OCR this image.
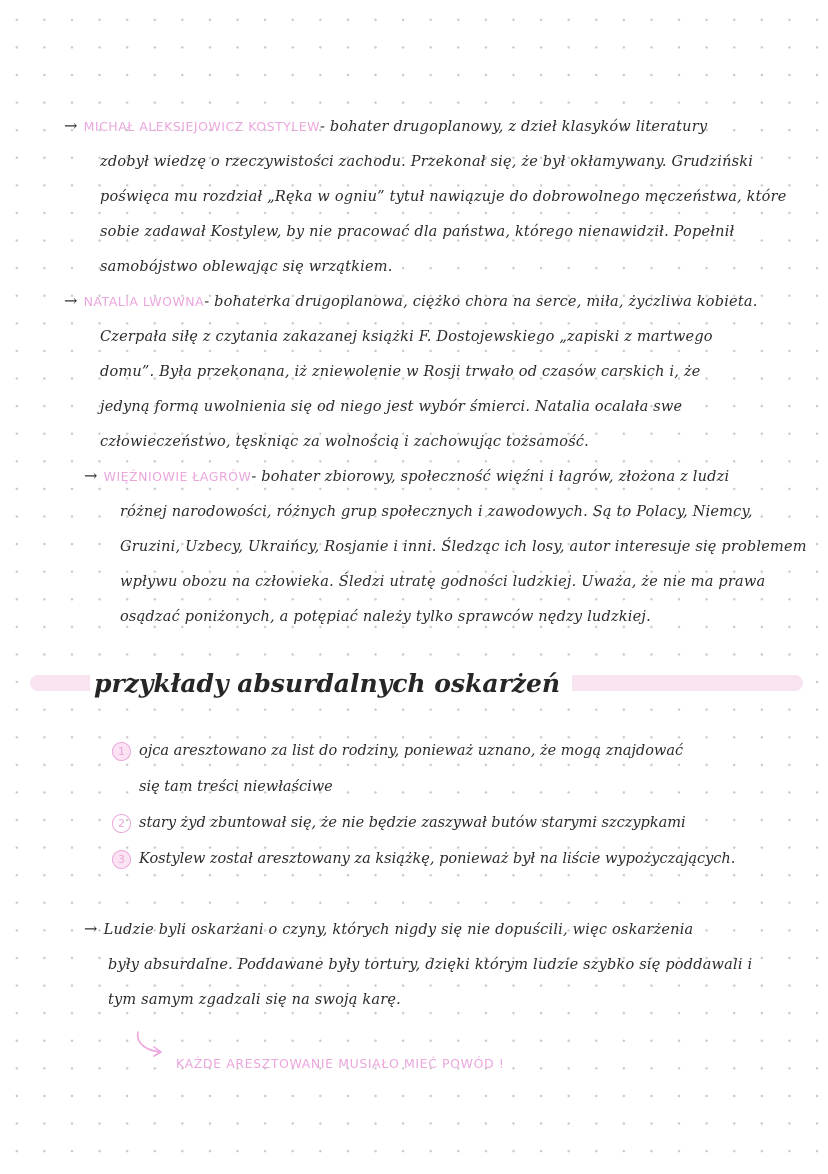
→ MICHAŁ ALEKSIEJOWICZ KOSTYLEW- bohater drugoplanowy, z dzieł klasyków literatury
zdobył wiedzę o rzeczywistości zachodu. Przekonał się, że był okłamywany. Grudziński
poświęca mu rozdział „Ręka w ogniu” tytuł nawiązuje do dobrowolnego męczeństwa, które
sobie zadawał Kostylew, by nie pracować dla państwa, którego nienawidził. Popełnił
samobójstwo oblewając się wrzątkiem.
→ NATALIA LWOWNA- bohaterka drugoplanowa, ciężko chora na serce, miła, życzliwa kobieta.
Czerpała siłę z czytania zakazanej książki F. Dostojewskiego „zapiski z martwego
domu”. Była przekonana, iż zniewolenie w Rosji trwało od czasów carskich i, że
jedyną formą uwolnienia się od niego jest wybór śmierci. Natalia ocalała swe
człowieczeństwo, tęskniąc za wolnością i zachowując tożsamość.
→ WIĘŹNIOWIE ŁAGRÓW- bohater zbiorowy, społeczność więźni i łagrów, złożona z ludzi
różnej narodowości, różnych grup społecznych i zawodowych. Są to Polacy, Niemcy,
Gruzini, Uzbecy, Ukraińcy, Rosjanie i inni. Śledząc ich losy, autor interesuje się problemem
wpływu obozu na człowieka. Śledzi utratę godności ludzkiej. Uważa, że nie ma prawa
osądzać poniżonych, a potępiać należy tylko sprawców nędzy ludzkiej.
przykłady absurdalnych oskarżeń
1 ojca aresztowano za list do rodziny, ponieważ uznano, że mogą znajdować
się tam treści niewłaściwe
2 stary żyd zbuntował się, że nie będzie zaszywał butów starymi szczypkami
3 Kostylew został aresztowany za książkę, ponieważ był na liście wypożyczających.
→ Ludzie byli oskarżani o czyny, których nigdy się nie dopuścili, więc oskarżenia
były absurdalne. Poddawane były tortury, dzięki którym ludzie szybko się poddawali i
tym samym zgadzali się na swoją karę.
KAŻDE ARESZTOWANIE MUSIAŁO MIEĆ POWÓD !
